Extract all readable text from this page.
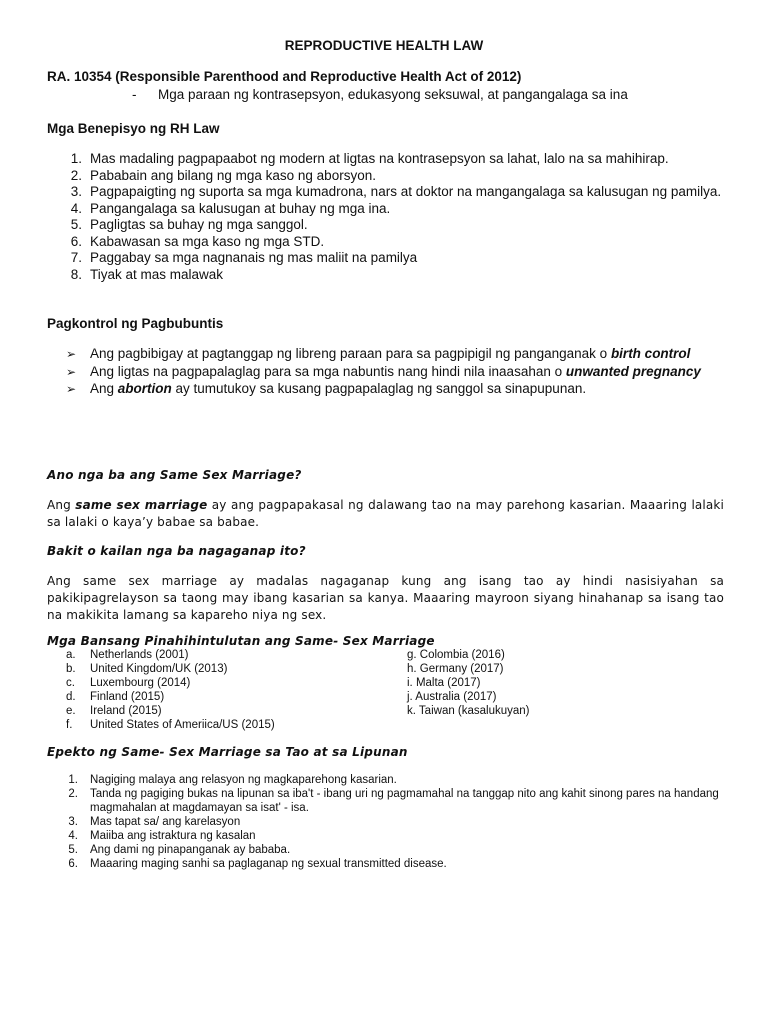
REPRODUCTIVE HEALTH LAW
RA. 10354 (Responsible Parenthood and Reproductive Health Act of 2012)
- Mga paraan ng kontrasepsyon, edukasyong seksuwal, at pangangalaga sa ina
Mga Benepisyo ng RH Law
1. Mas madaling pagpapaabot ng modern at ligtas na kontrasepsyon sa lahat, lalo na sa mahihirap.
2. Pababain ang bilang ng mga kaso ng aborsyon.
3. Pagpapaigting ng suporta sa mga kumadrona, nars at doktor na mangangalaga sa kalusugan ng pamilya.
4. Pangangalaga sa kalusugan at buhay ng mga ina.
5. Pagligtas sa buhay ng mga sanggol.
6. Kabawasan sa mga kaso ng mga STD.
7. Paggabay sa mga nagnanais ng mas maliit na pamilya
8. Tiyak at mas malawak
Pagkontrol ng Pagbubuntis
➢ Ang pagbibigay at pagtanggap ng libreng paraan para sa pagpipigil ng panganganak o birth control
➢ Ang ligtas na pagpapalaglag para sa mga nabuntis nang hindi nila inaasahan o unwanted pregnancy
➢ Ang abortion ay tumutukoy sa kusang pagpapalaglag ng sanggol sa sinapupunan.
Ano nga ba ang Same Sex Marriage?

Ang same sex marriage ay ang pagpapakasal ng dalawang tao na may parehong kasarian. Maaaring lalaki sa lalaki o kaya’y babae sa babae.

Bakit o kailan nga ba nagaganap ito?

Ang same sex marriage ay madalas nagaganap kung ang isang tao ay hindi nasisiyahan sa pakikipagrelayson sa taong may ibang kasarian sa kanya. Maaaring mayroon siyang hinahanap sa isang tao na makikita lamang sa kapareho niya ng sex.

Mga Bansang Pinahihintulutan ang Same- Sex Marriage
a. Netherlands (2001)
b. United Kingdom/UK (2013)
c. Luxembourg (2014)
d. Finland (2015)
e. Ireland (2015)
f. United States of Ameriica/US (2015)
g. Colombia (2016)
h. Germany (2017)
i. Malta (2017)
j. Australia (2017)
k. Taiwan (kasalukuyan)
Epekto ng Same- Sex Marriage sa Tao at sa Lipunan
1. Nagiging malaya ang relasyon ng magkaparehong kasarian.
2. Tanda ng pagiging bukas na lipunan sa iba't - ibang uri ng pagmamahal na tanggap nito ang kahit sinong pares na handang magmahalan at magdamayan sa isat' - isa.
3. Mas tapat sa/ ang karelasyon
4. Maiiba ang istraktura ng kasalan
5. Ang dami ng pinapanganak ay bababa.
6. Maaaring maging sanhi sa paglaganap ng sexual transmitted disease.
